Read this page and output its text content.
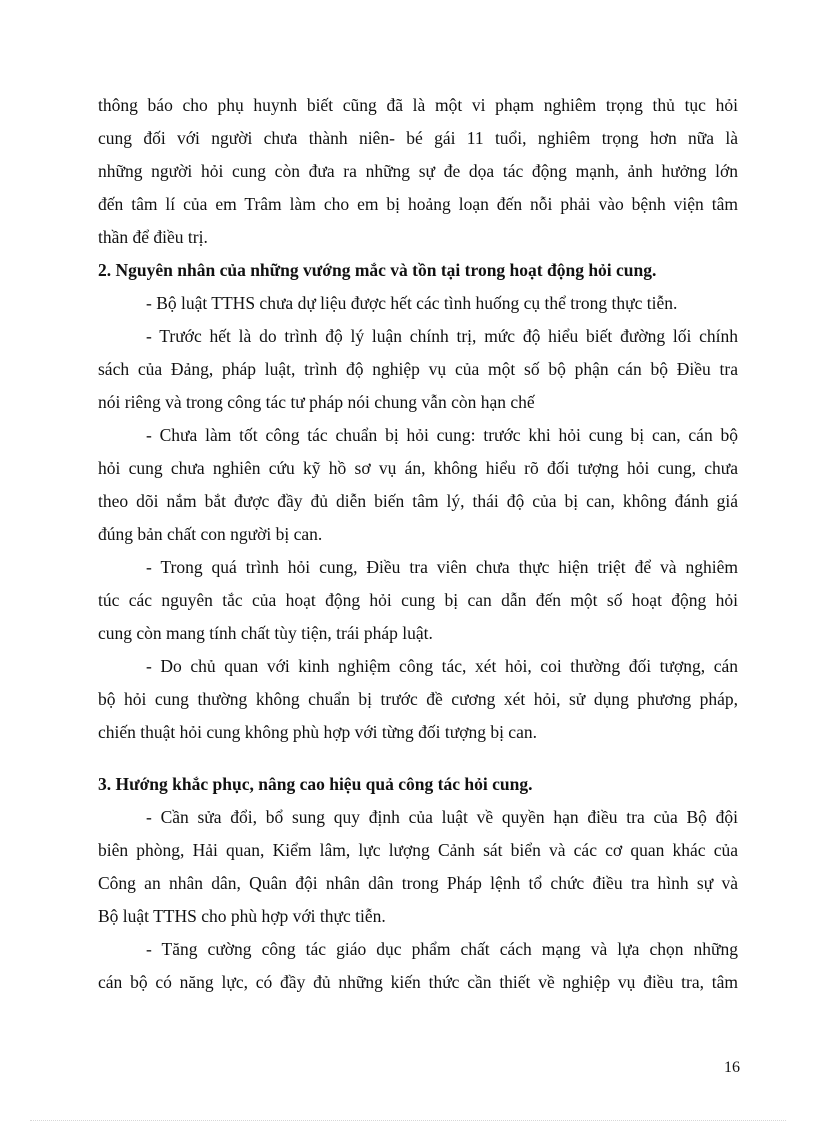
thông báo cho phụ huynh biết cũng đã là một vi phạm nghiêm trọng thủ tục hỏi
cung đối với người chưa thành niên- bé gái 11 tuổi, nghiêm trọng hơn nữa là
những người hỏi cung còn đưa ra những sự đe dọa tác động mạnh, ảnh hưởng lớn
đến tâm lí của em Trâm làm cho em bị hoảng loạn đến nỗi phải vào bệnh viện tâm
thần để điều trị.
2. Nguyên nhân của những vướng mắc và tồn tại trong hoạt động hỏi cung.
- Bộ luật TTHS chưa dự liệu được hết các tình huống cụ thể trong thực tiễn.
- Trước hết là do trình độ lý luận chính trị, mức độ hiểu biết đường lối chính
sách của Đảng, pháp luật, trình độ nghiệp vụ của một số bộ phận cán bộ Điều tra
nói riêng và trong công tác tư pháp nói chung vẫn còn hạn chế
- Chưa làm tốt công tác chuẩn bị hỏi cung: trước khi hỏi cung bị can, cán bộ
hỏi cung chưa nghiên cứu kỹ hồ sơ vụ án, không hiểu rõ đối tượng hỏi cung, chưa
theo dõi nắm bắt được đầy đủ diễn biến tâm lý, thái độ của bị can, không đánh giá
đúng bản chất con người bị can.
- Trong quá trình hỏi cung, Điều tra viên chưa thực hiện triệt để và nghiêm
túc các nguyên tắc của hoạt động hỏi cung bị can dẫn đến một số hoạt động hỏi
cung còn mang tính chất tùy tiện, trái pháp luật.
- Do chủ quan với kinh nghiệm công tác, xét hỏi, coi thường đối tượng, cán
bộ hỏi cung thường không chuẩn bị trước đề cương xét hỏi, sử dụng phương pháp,
chiến thuật hỏi cung không phù hợp với từng đối tượng bị can.
3. Hướng khắc phục, nâng cao hiệu quả công tác hỏi cung.
- Cần sửa đổi, bổ sung quy định của luật về quyền hạn điều tra của Bộ đội
biên phòng, Hải quan, Kiểm lâm, lực lượng Cảnh sát biển và các cơ quan khác của
Công an nhân dân, Quân đội nhân dân trong Pháp lệnh tổ chức điều tra hình sự và
Bộ luật TTHS cho phù hợp với thực tiễn.
- Tăng cường công tác giáo dục phẩm chất cách mạng và lựa chọn những
cán bộ có năng lực, có đầy đủ những kiến thức cần thiết về nghiệp vụ điều tra, tâm
16
